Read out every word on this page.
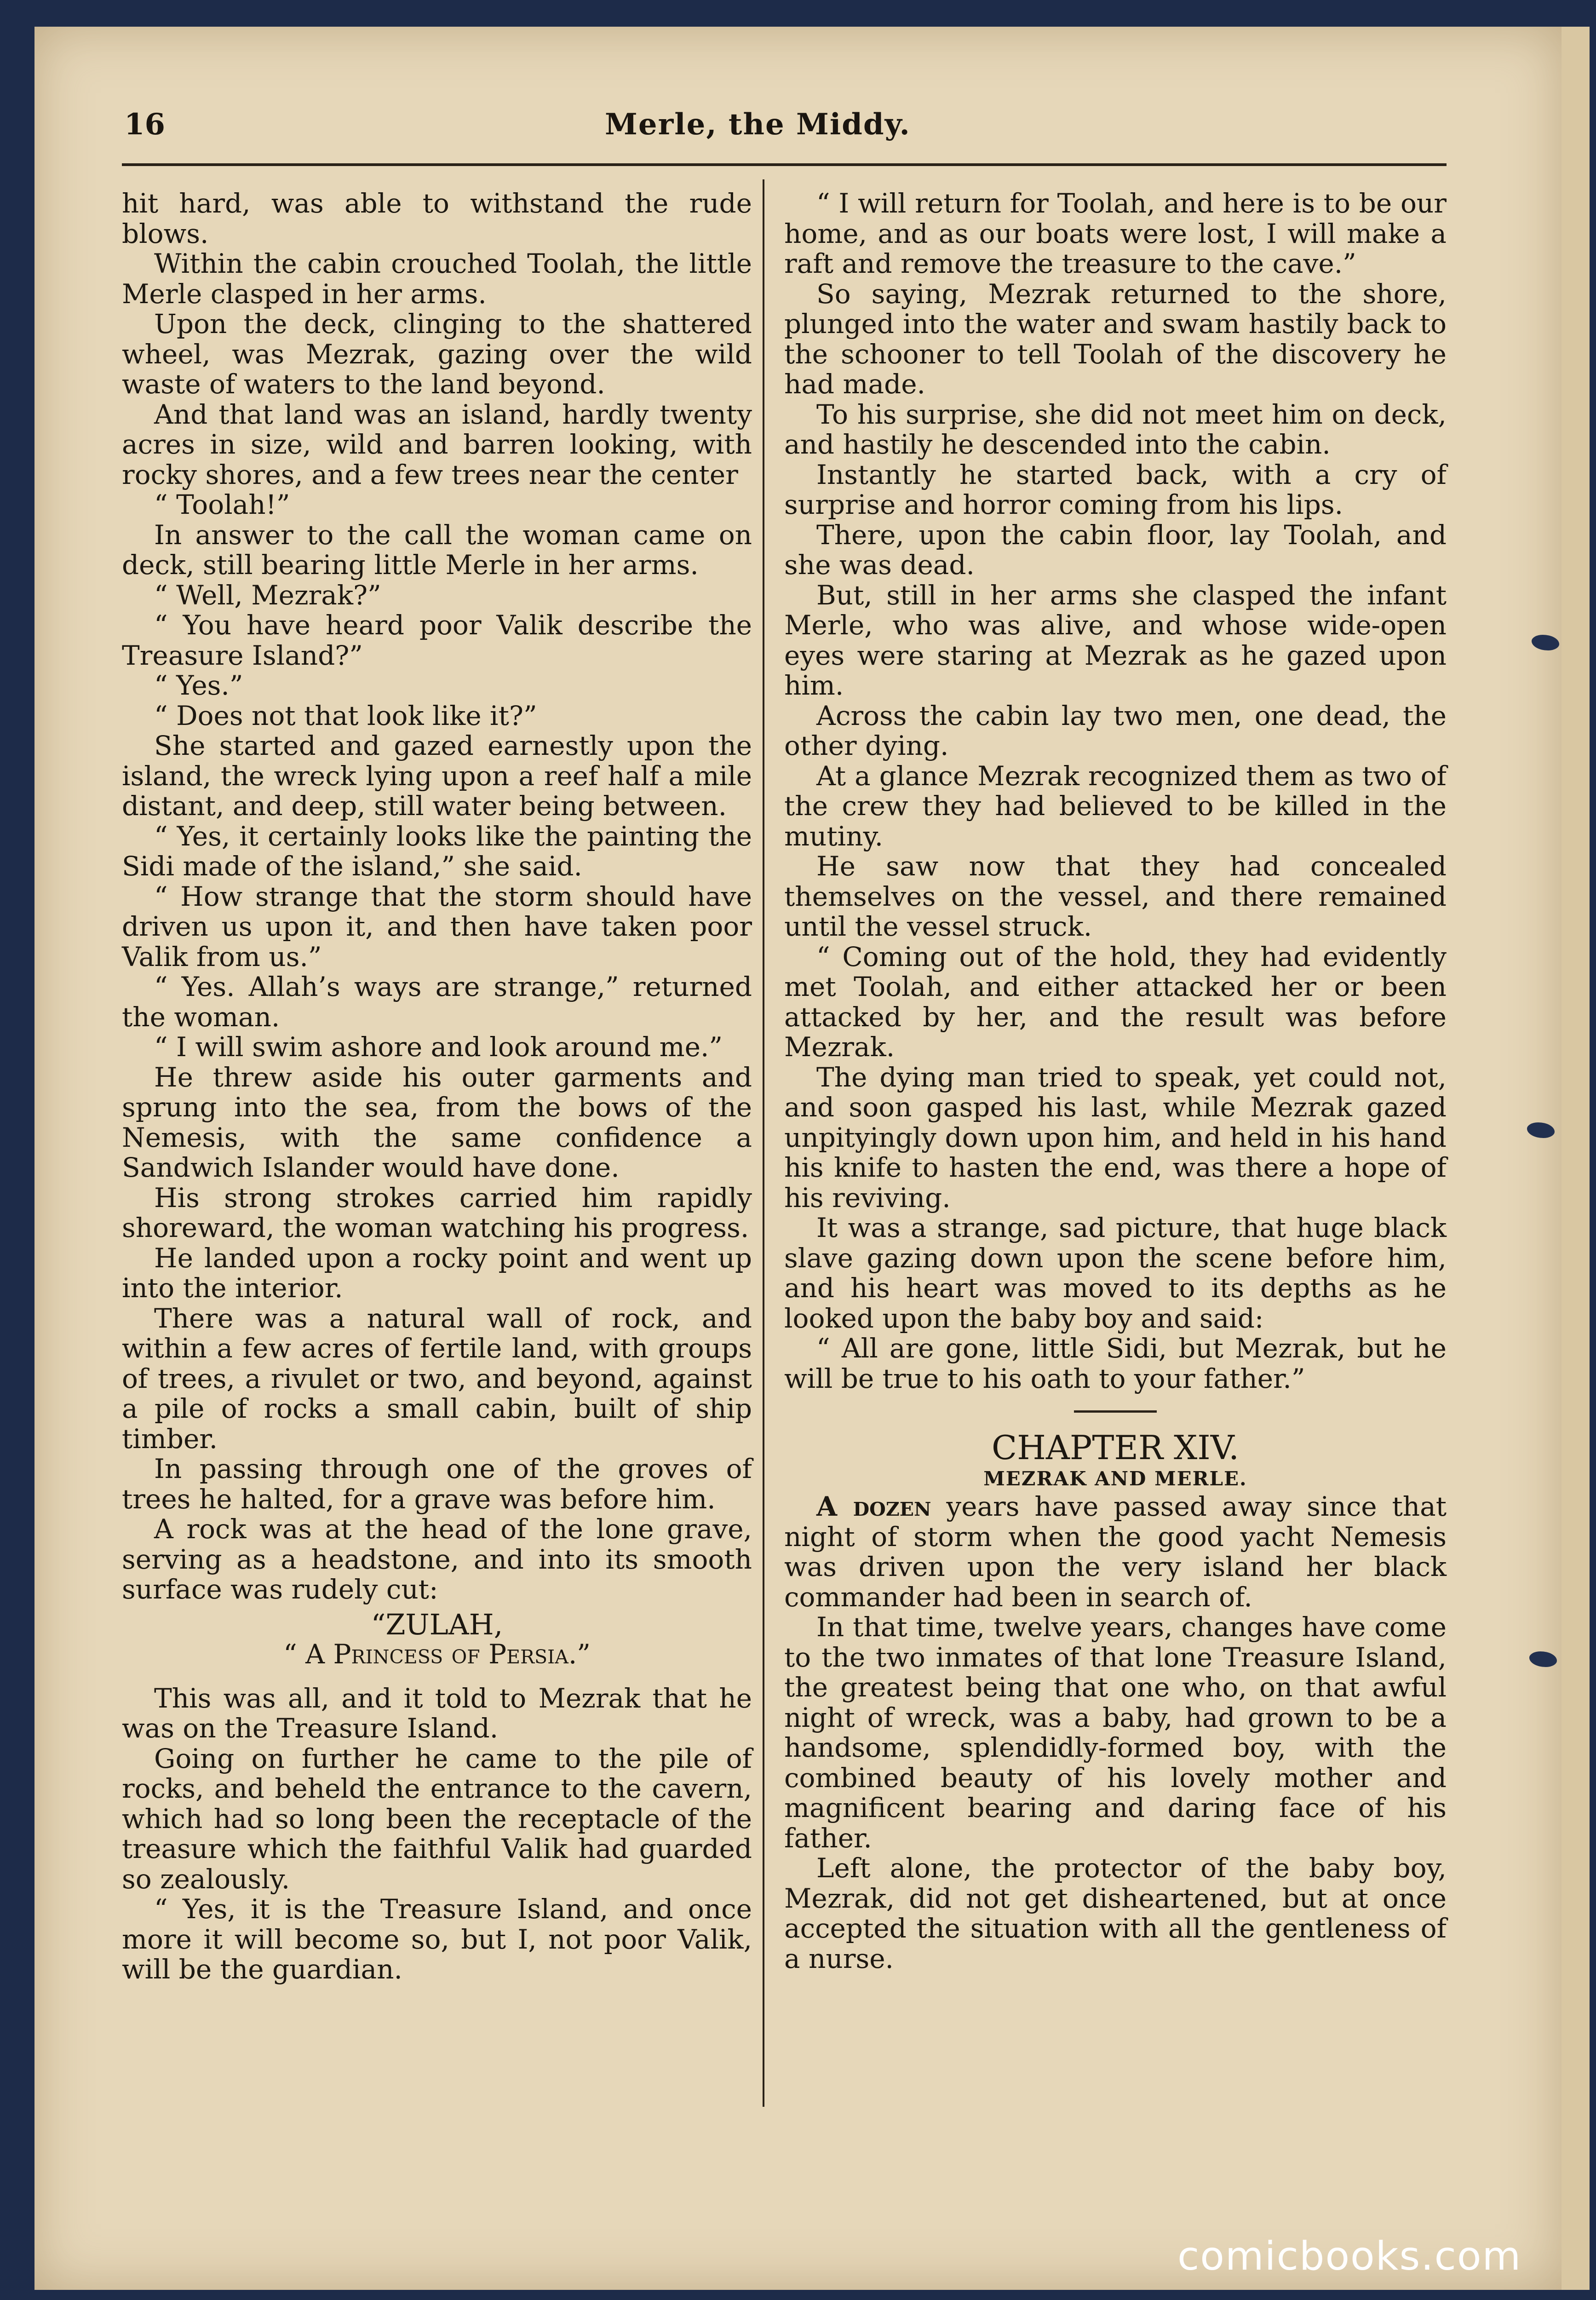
16	Merle, the Middy.

hit hard, was able to withstand the rude blows.

Within the cabin crouched Toolah, the little Merle clasped in her arms.

Upon the deck, clinging to the shattered wheel, was Mezrak, gazing over the wild waste of waters to the land beyond.

And that land was an island, hardly twenty acres in size, wild and barren looking, with rocky shores, and a few trees near the center

“ Toolah!”

In answer to the call the woman came on deck, still bearing little Merle in her arms.

“ Well, Mezrak?”

“ You have heard poor Valik describe the Treasure Island?”

“ Yes.”

“ Does not that look like it?”

She started and gazed earnestly upon the island, the wreck lying upon a reef half a mile distant, and deep, still water being between.

“ Yes, it certainly looks like the painting the Sidi made of the island,” she said.

“ How strange that the storm should have driven us upon it, and then have taken poor Valik from us.”

“ Yes. Allah’s ways are strange,” returned the woman.

“ I will swim ashore and look around me.”

He threw aside his outer garments and sprung into the sea, from the bows of the Nemesis, with the same confidence a Sandwich Islander would have done.

His strong strokes carried him rapidly shoreward, the woman watching his progress.

He landed upon a rocky point and went up into the interior.

There was a natural wall of rock, and within a few acres of fertile land, with groups of trees, a rivulet or two, and beyond, against a pile of rocks a small cabin, built of ship timber.

In passing through one of the groves of trees he halted, for a grave was before him.

A rock was at the head of the lone grave, serving as a headstone, and into its smooth surface was rudely cut:

“ZULAH,

“ A Princess of Persia.”

This was all, and it told to Mezrak that he was on the Treasure Island.

Going on further he came to the pile of rocks, and beheld the entrance to the cavern, which had so long been the receptacle of the treasure which the faithful Valik had guarded so zealously.

“ Yes, it is the Treasure Island, and once more it will become so, but I, not poor Valik, will be the guardian.

“ I will return for Toolah, and here is to be our home, and as our boats were lost, I will make a raft and remove the treasure to the cave.”

So saying, Mezrak returned to the shore, plunged into the water and swam hastily back to the schooner to tell Toolah of the discovery he had made.

To his surprise, she did not meet him on deck, and hastily he descended into the cabin.

Instantly he started back, with a cry of surprise and horror coming from his lips.

There, upon the cabin floor, lay Toolah, and she was dead.

But, still in her arms she clasped the infant Merle, who was alive, and whose wide-open eyes were staring at Mezrak as he gazed upon him.

Across the cabin lay two men, one dead, the other dying.

At a glance Mezrak recognized them as two of the crew they had believed to be killed in the mutiny.

He saw now that they had concealed themselves on the vessel, and there remained until the vessel struck.

“ Coming out of the hold, they had evidently met Toolah, and either attacked her or been attacked by her, and the result was before Mezrak.

The dying man tried to speak, yet could not, and soon gasped his last, while Mezrak gazed unpityingly down upon him, and held in his hand his knife to hasten the end, was there a hope of his reviving.

It was a strange, sad picture, that huge black slave gazing down upon the scene before him, and his heart was moved to its depths as he looked upon the baby boy and said:

“ All are gone, little Sidi, but Mezrak, but he will be true to his oath to your father.”

CHAPTER XIV.

MEZRAK AND MERLE.

A dozen years have passed away since that night of storm when the good yacht Nemesis was driven upon the very island her black commander had been in search of.

In that time, twelve years, changes have come to the two inmates of that lone Treasure Island, the greatest being that one who, on that awful night of wreck, was a baby, had grown to be a handsome, splendidly-formed boy, with the combined beauty of his lovely mother and magnificent bearing and daring face of his father.

Left alone, the protector of the baby boy, Mezrak, did not get disheartened, but at once accepted the situation with all the gentleness of a nurse.

comicbooks.com
